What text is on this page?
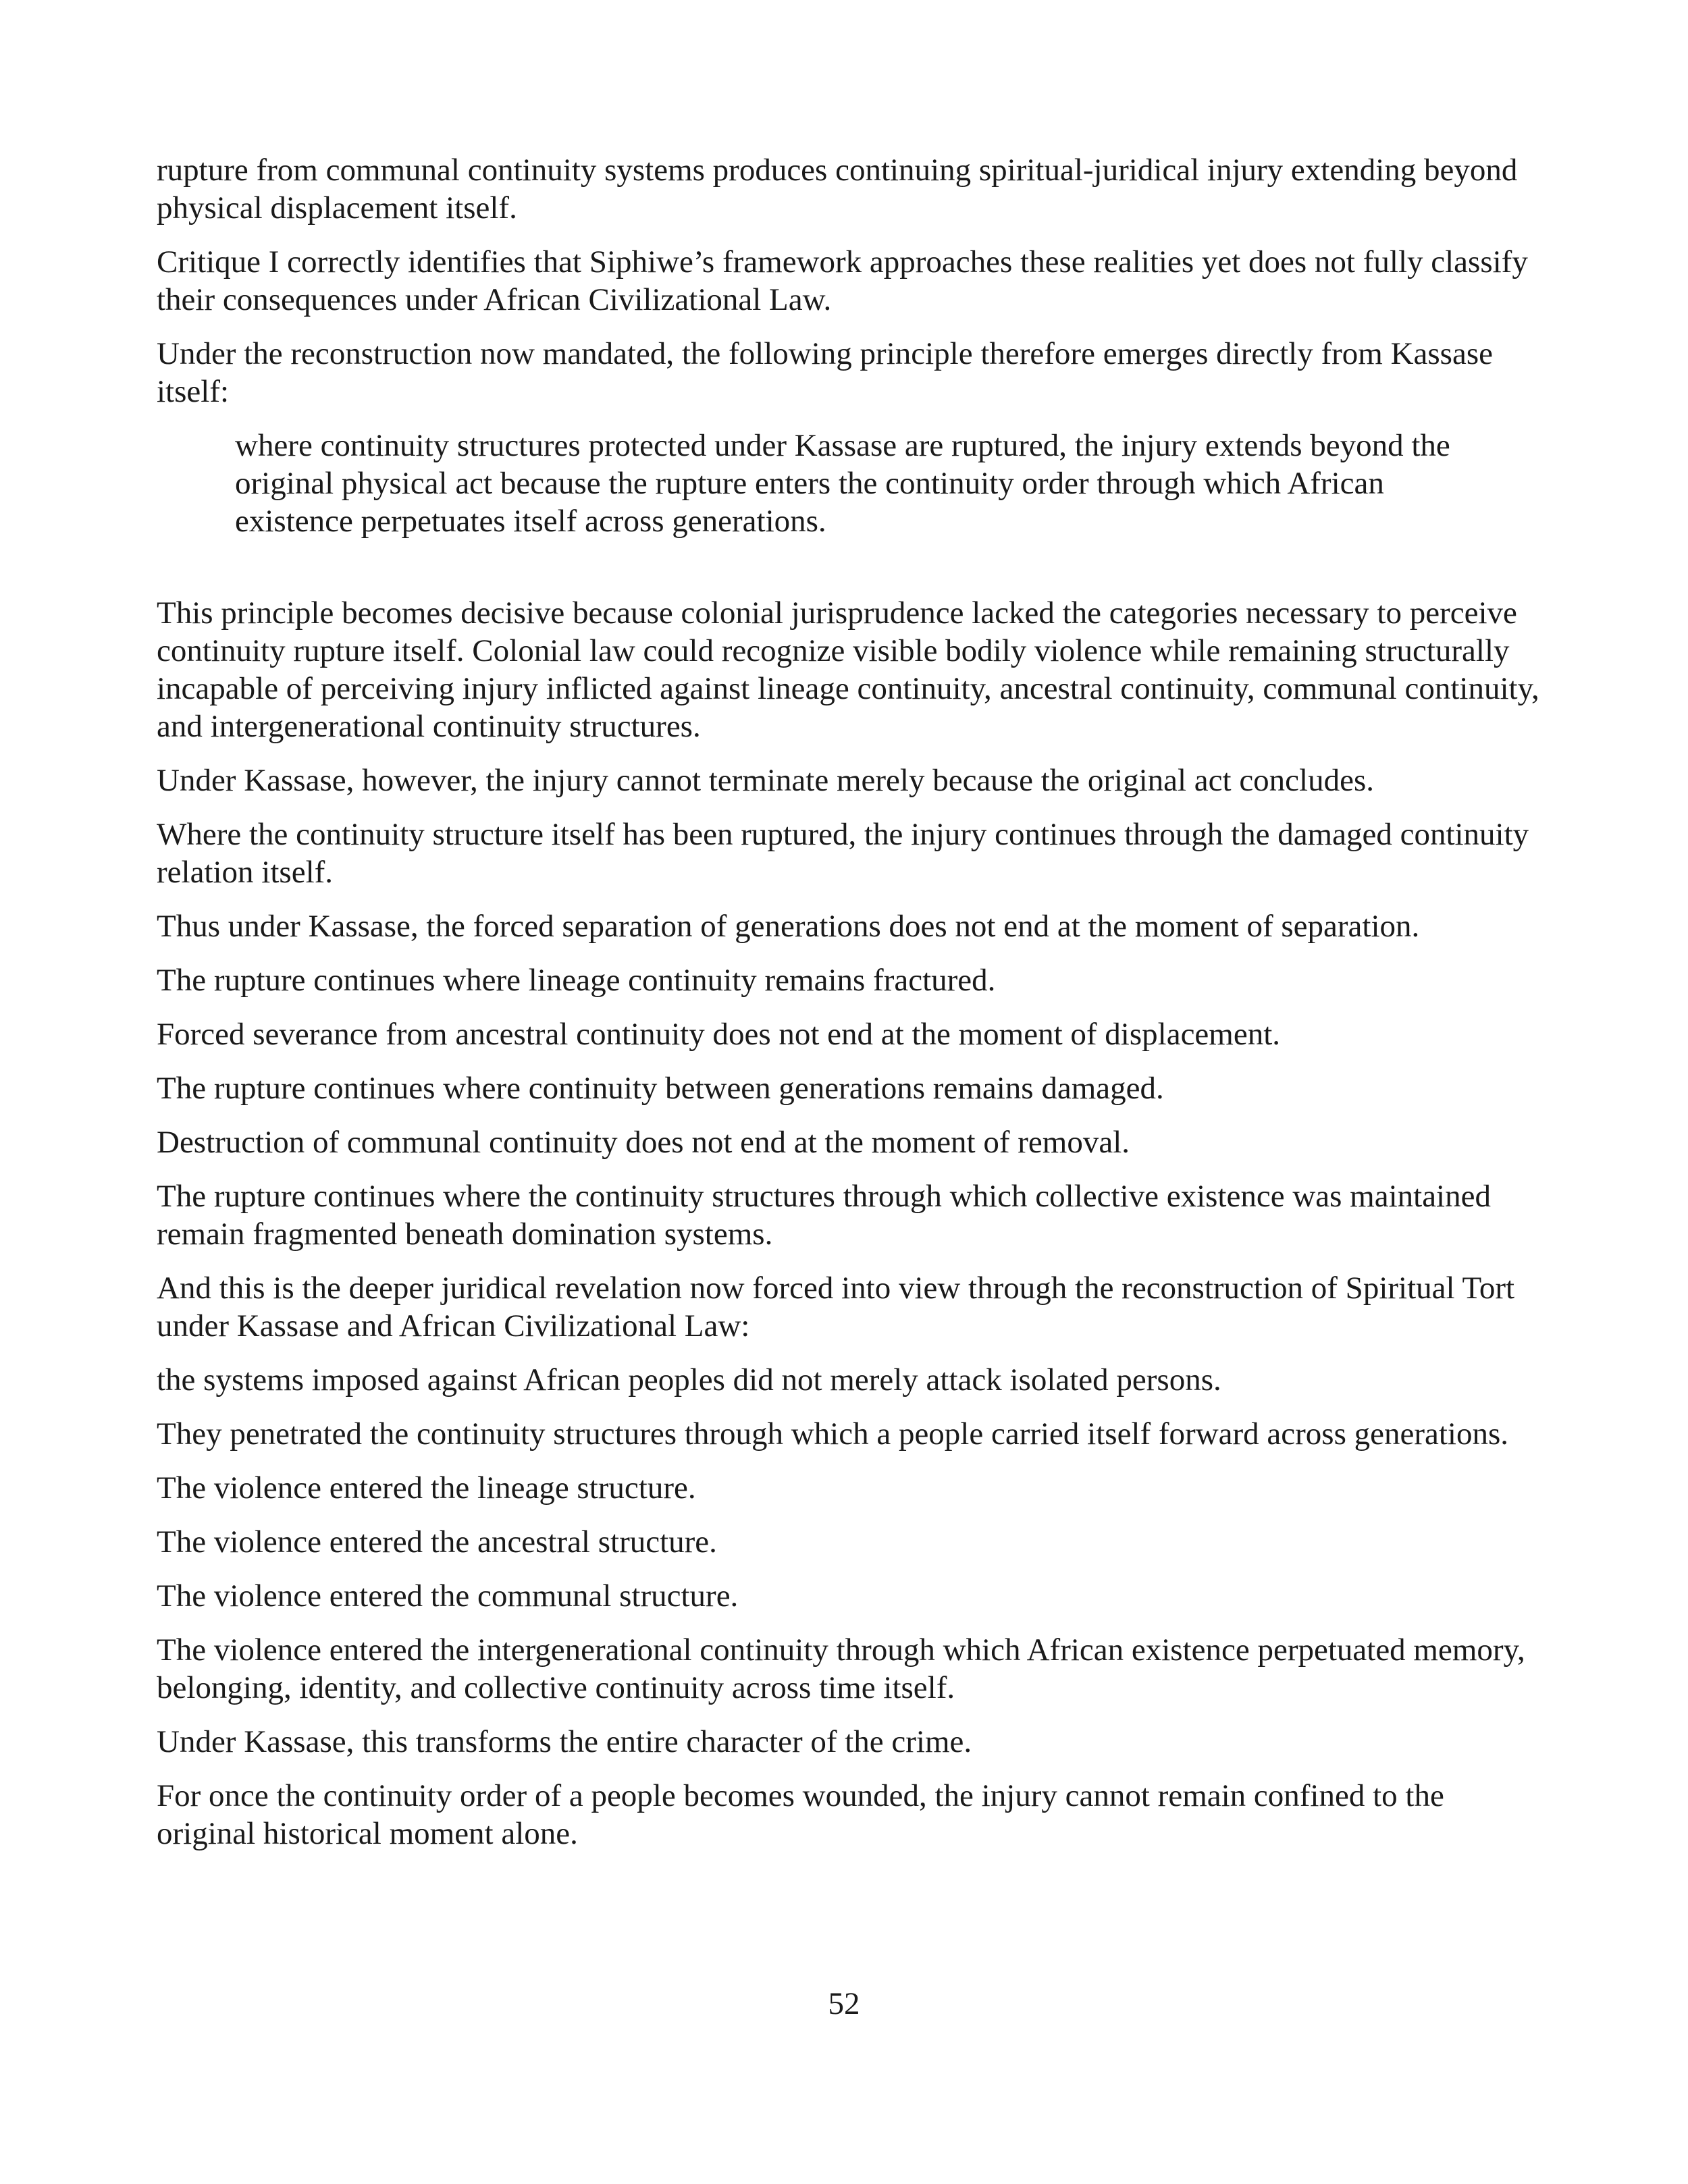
rupture from communal continuity systems produces continuing spiritual-juridical injury extending beyond physical displacement itself.

Critique I correctly identifies that Siphiwe’s framework approaches these realities yet does not fully classify their consequences under African Civilizational Law.

Under the reconstruction now mandated, the following principle therefore emerges directly from Kassase itself:

where continuity structures protected under Kassase are ruptured, the injury extends beyond the original physical act because the rupture enters the continuity order through which African existence perpetuates itself across generations.

This principle becomes decisive because colonial jurisprudence lacked the categories necessary to perceive continuity rupture itself. Colonial law could recognize visible bodily violence while remaining structurally incapable of perceiving injury inflicted against lineage continuity, ancestral continuity, communal continuity, and intergenerational continuity structures.

Under Kassase, however, the injury cannot terminate merely because the original act concludes.

Where the continuity structure itself has been ruptured, the injury continues through the damaged continuity relation itself.

Thus under Kassase, the forced separation of generations does not end at the moment of separation.

The rupture continues where lineage continuity remains fractured.

Forced severance from ancestral continuity does not end at the moment of displacement.

The rupture continues where continuity between generations remains damaged.

Destruction of communal continuity does not end at the moment of removal.

The rupture continues where the continuity structures through which collective existence was maintained remain fragmented beneath domination systems.

And this is the deeper juridical revelation now forced into view through the reconstruction of Spiritual Tort under Kassase and African Civilizational Law:

the systems imposed against African peoples did not merely attack isolated persons.

They penetrated the continuity structures through which a people carried itself forward across generations.

The violence entered the lineage structure.

The violence entered the ancestral structure.

The violence entered the communal structure.

The violence entered the intergenerational continuity through which African existence perpetuated memory, belonging, identity, and collective continuity across time itself.

Under Kassase, this transforms the entire character of the crime.

For once the continuity order of a people becomes wounded, the injury cannot remain confined to the original historical moment alone.

52
